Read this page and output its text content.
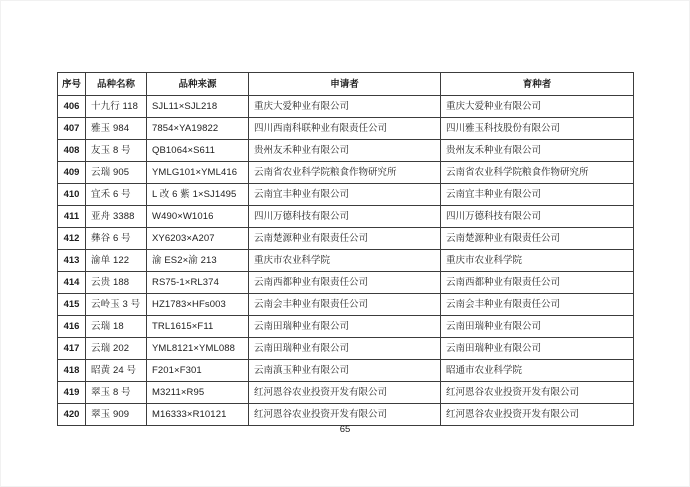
序号	品种名称	品种来源	申请者	育种者
406	十九行 118	SJL11×SJL218	重庆大爱种业有限公司	重庆大爱种业有限公司
407	雅玉 984	7854×YA19822	四川西南科联种业有限责任公司	四川雅玉科技股份有限公司
408	友玉 8 号	QB1064×S611	贵州友禾种业有限公司	贵州友禾种业有限公司
409	云瑞 905	YMLG101×YML416	云南省农业科学院粮食作物研究所	云南省农业科学院粮食作物研究所
410	宜禾 6 号	L 改 6 紫 1×SJ1495	云南宜丰种业有限公司	云南宜丰种业有限公司
411	亚舟 3388	W490×W1016	四川万德科技有限公司	四川万德科技有限公司
412	彝谷 6 号	XY6203×A207	云南楚源种业有限责任公司	云南楚源种业有限责任公司
413	渝单 122	渝 ES2×渝 213	重庆市农业科学院	重庆市农业科学院
414	云贵 188	RS75-1×RL374	云南西都种业有限责任公司	云南西都种业有限责任公司
415	云岭玉 3 号	HZ1783×HFs003	云南会丰种业有限责任公司	云南会丰种业有限责任公司
416	云瑞 18	TRL1615×F11	云南田瑞种业有限公司	云南田瑞种业有限公司
417	云瑞 202	YML8121×YML088	云南田瑞种业有限公司	云南田瑞种业有限公司
418	昭黄 24 号	F201×F301	云南滇玉种业有限公司	昭通市农业科学院
419	翠玉 8 号	M3211×R95	红河恩谷农业投资开发有限公司	红河恩谷农业投资开发有限公司
420	翠玉 909	M16333×R10121	红河恩谷农业投资开发有限公司	红河恩谷农业投资开发有限公司
65
